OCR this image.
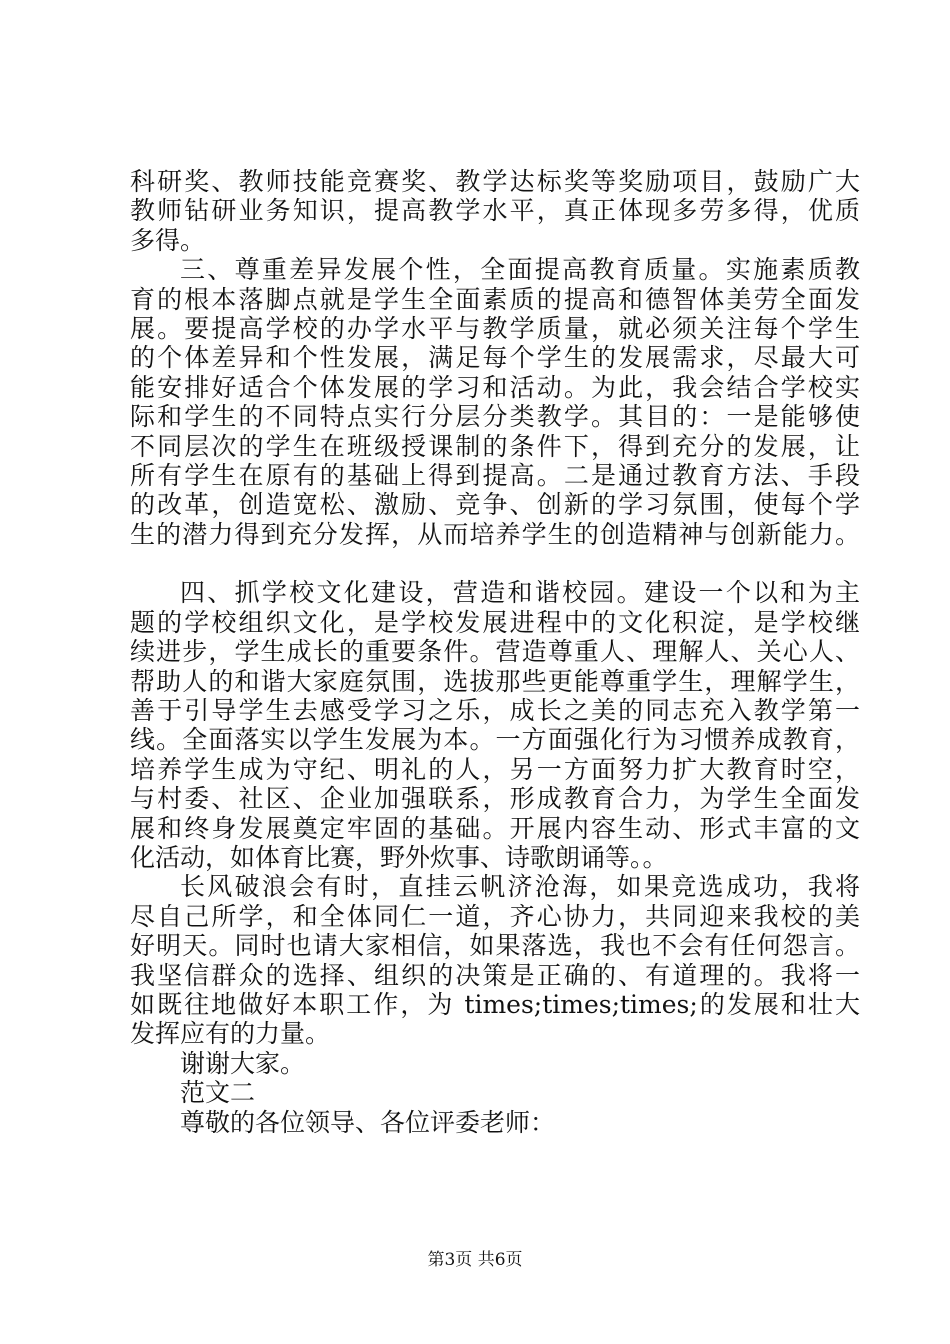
科研奖、教师技能竞赛奖、教学达标奖等奖励项目，鼓励广大
教师钻研业务知识，提高教学水平，真正体现多劳多得，优质
多得。
三、尊重差异发展个性，全面提高教育质量。实施素质教
育的根本落脚点就是学生全面素质的提高和德智体美劳全面发
展。要提高学校的办学水平与教学质量，就必须关注每个学生
的个体差异和个性发展，满足每个学生的发展需求，尽最大可
能安排好适合个体发展的学习和活动。为此，我会结合学校实
际和学生的不同特点实行分层分类教学。其目的：一是能够使
不同层次的学生在班级授课制的条件下，得到充分的发展，让
所有学生在原有的基础上得到提高。二是通过教育方法、手段
的改革，创造宽松、激励、竞争、创新的学习氛围，使每个学
生的潜力得到充分发挥，从而培养学生的创造精神与创新能力。
四、抓学校文化建设，营造和谐校园。建设一个以和为主
题的学校组织文化，是学校发展进程中的文化积淀，是学校继
续进步，学生成长的重要条件。营造尊重人、理解人、关心人、
帮助人的和谐大家庭氛围，选拔那些更能尊重学生，理解学生，
善于引导学生去感受学习之乐，成长之美的同志充入教学第一
线。全面落实以学生发展为本。一方面强化行为习惯养成教育，
培养学生成为守纪、明礼的人，另一方面努力扩大教育时空，
与村委、社区、企业加强联系，形成教育合力，为学生全面发
展和终身发展奠定牢固的基础。开展内容生动、形式丰富的文
化活动，如体育比赛，野外炊事、诗歌朗诵等。。
长风破浪会有时，直挂云帆济沧海，如果竞选成功，我将
尽自己所学，和全体同仁一道，齐心协力，共同迎来我校的美
好明天。同时也请大家相信，如果落选，我也不会有任何怨言。
我坚信群众的选择、组织的决策是正确的、有道理的。我将一
如既往地做好本职工作，为 times;times;times;的发展和壮大
发挥应有的力量。
谢谢大家。
范文二
尊敬的各位领导、各位评委老师：
第3页 共6页
